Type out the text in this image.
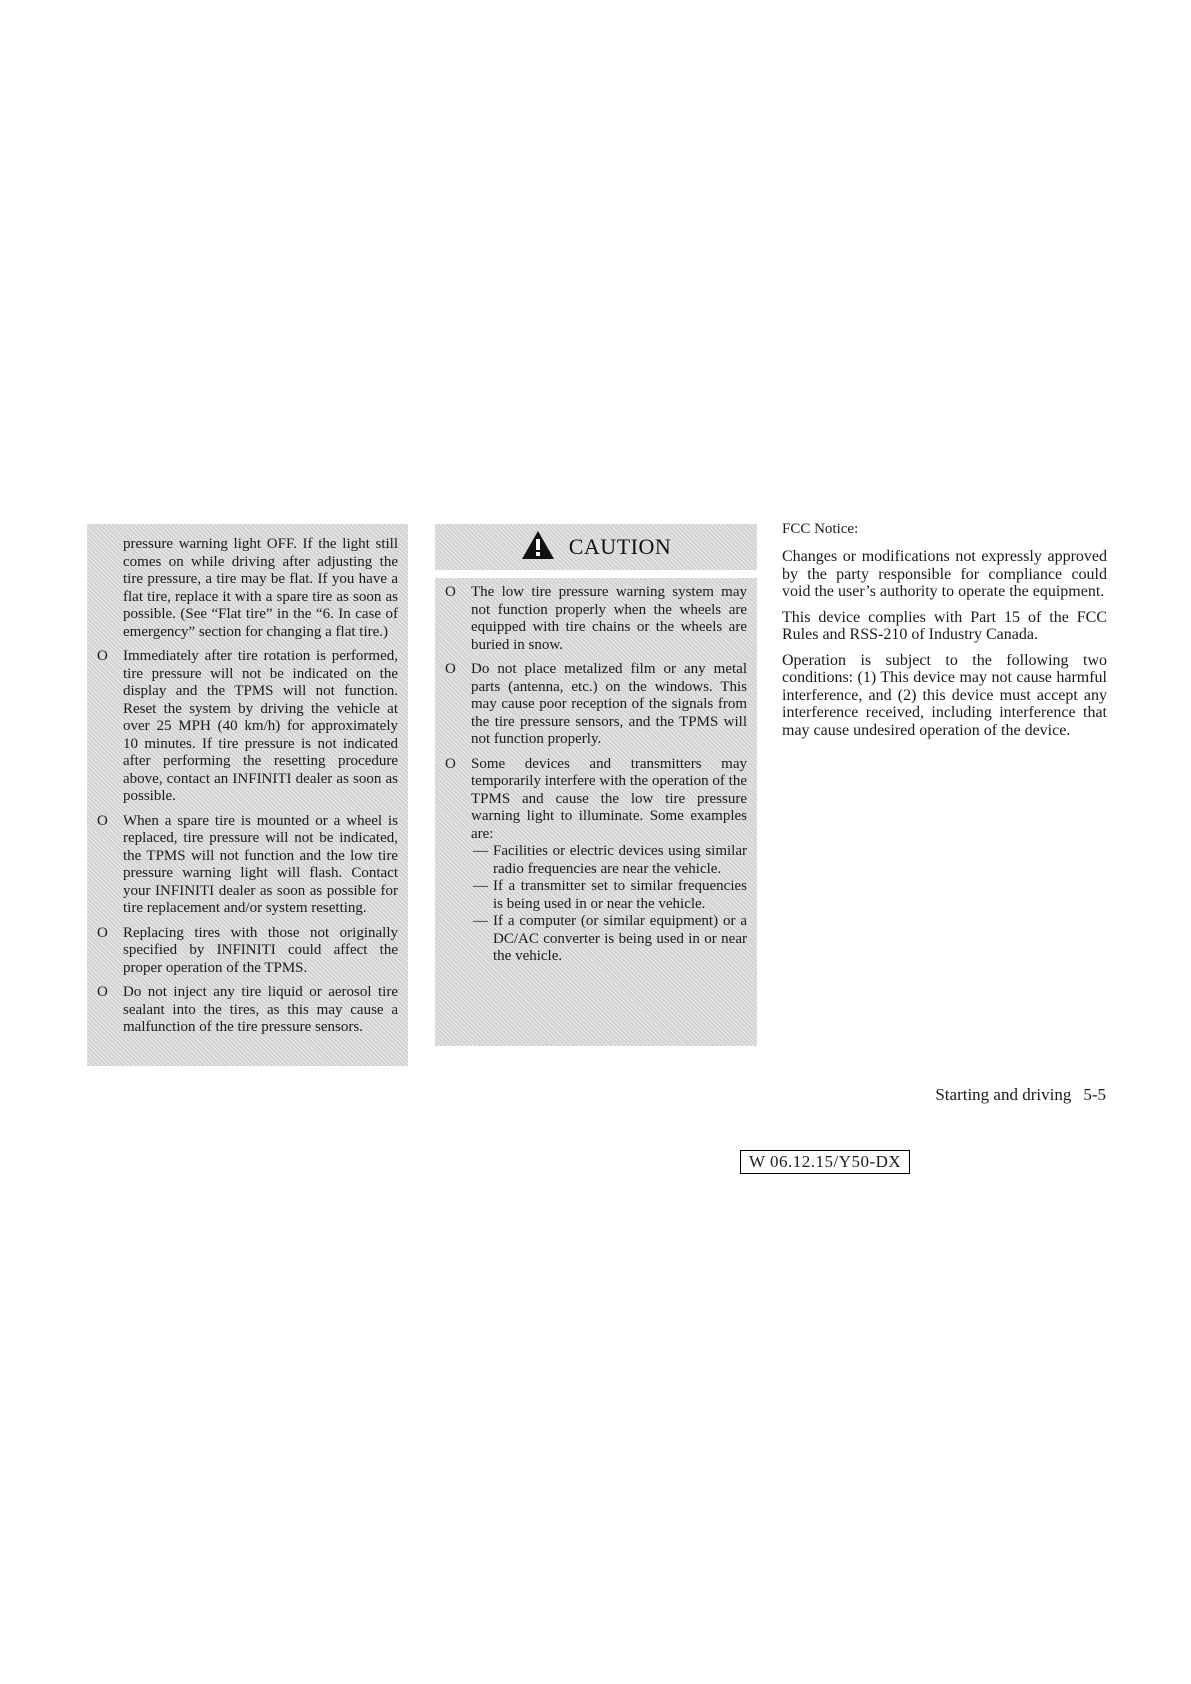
pressure warning light OFF. If the light still comes on while driving after adjusting the tire pressure, a tire may be flat. If you have a flat tire, replace it with a spare tire as soon as possible. (See “Flat tire” in the “6. In case of emergency” section for changing a flat tire.)

O Immediately after tire rotation is performed, tire pressure will not be indicated on the display and the TPMS will not function. Reset the system by driving the vehicle at over 25 MPH (40 km/h) for approximately 10 minutes. If tire pressure is not indicated after performing the resetting procedure above, contact an INFINITI dealer as soon as possible.
O When a spare tire is mounted or a wheel is replaced, tire pressure will not be indicated, the TPMS will not function and the low tire pressure warning light will flash. Contact your INFINITI dealer as soon as possible for tire replacement and/or system resetting.
O Replacing tires with those not originally specified by INFINITI could affect the proper operation of the TPMS.
O Do not inject any tire liquid or aerosol tire sealant into the tires, as this may cause a malfunction of the tire pressure sensors.
CAUTION
O The low tire pressure warning system may not function properly when the wheels are equipped with tire chains or the wheels are buried in snow.
O Do not place metalized film or any metal parts (antenna, etc.) on the windows. This may cause poor reception of the signals from the tire pressure sensors, and the TPMS will not function properly.
O Some devices and transmitters may temporarily interfere with the operation of the TPMS and cause the low tire pressure warning light to illuminate. Some examples are:
— Facilities or electric devices using similar radio frequencies are near the vehicle.
— If a transmitter set to similar frequencies is being used in or near the vehicle.
— If a computer (or similar equipment) or a DC/AC converter is being used in or near the vehicle.
FCC Notice:

Changes or modifications not expressly approved by the party responsible for compliance could void the user’s authority to operate the equipment.

This device complies with Part 15 of the FCC Rules and RSS-210 of Industry Canada.

Operation is subject to the following two conditions: (1) This device may not cause harmful interference, and (2) this device must accept any interference received, including interference that may cause undesired operation of the device.

Starting and driving 5-5
W 06.12.15/Y50-DX
